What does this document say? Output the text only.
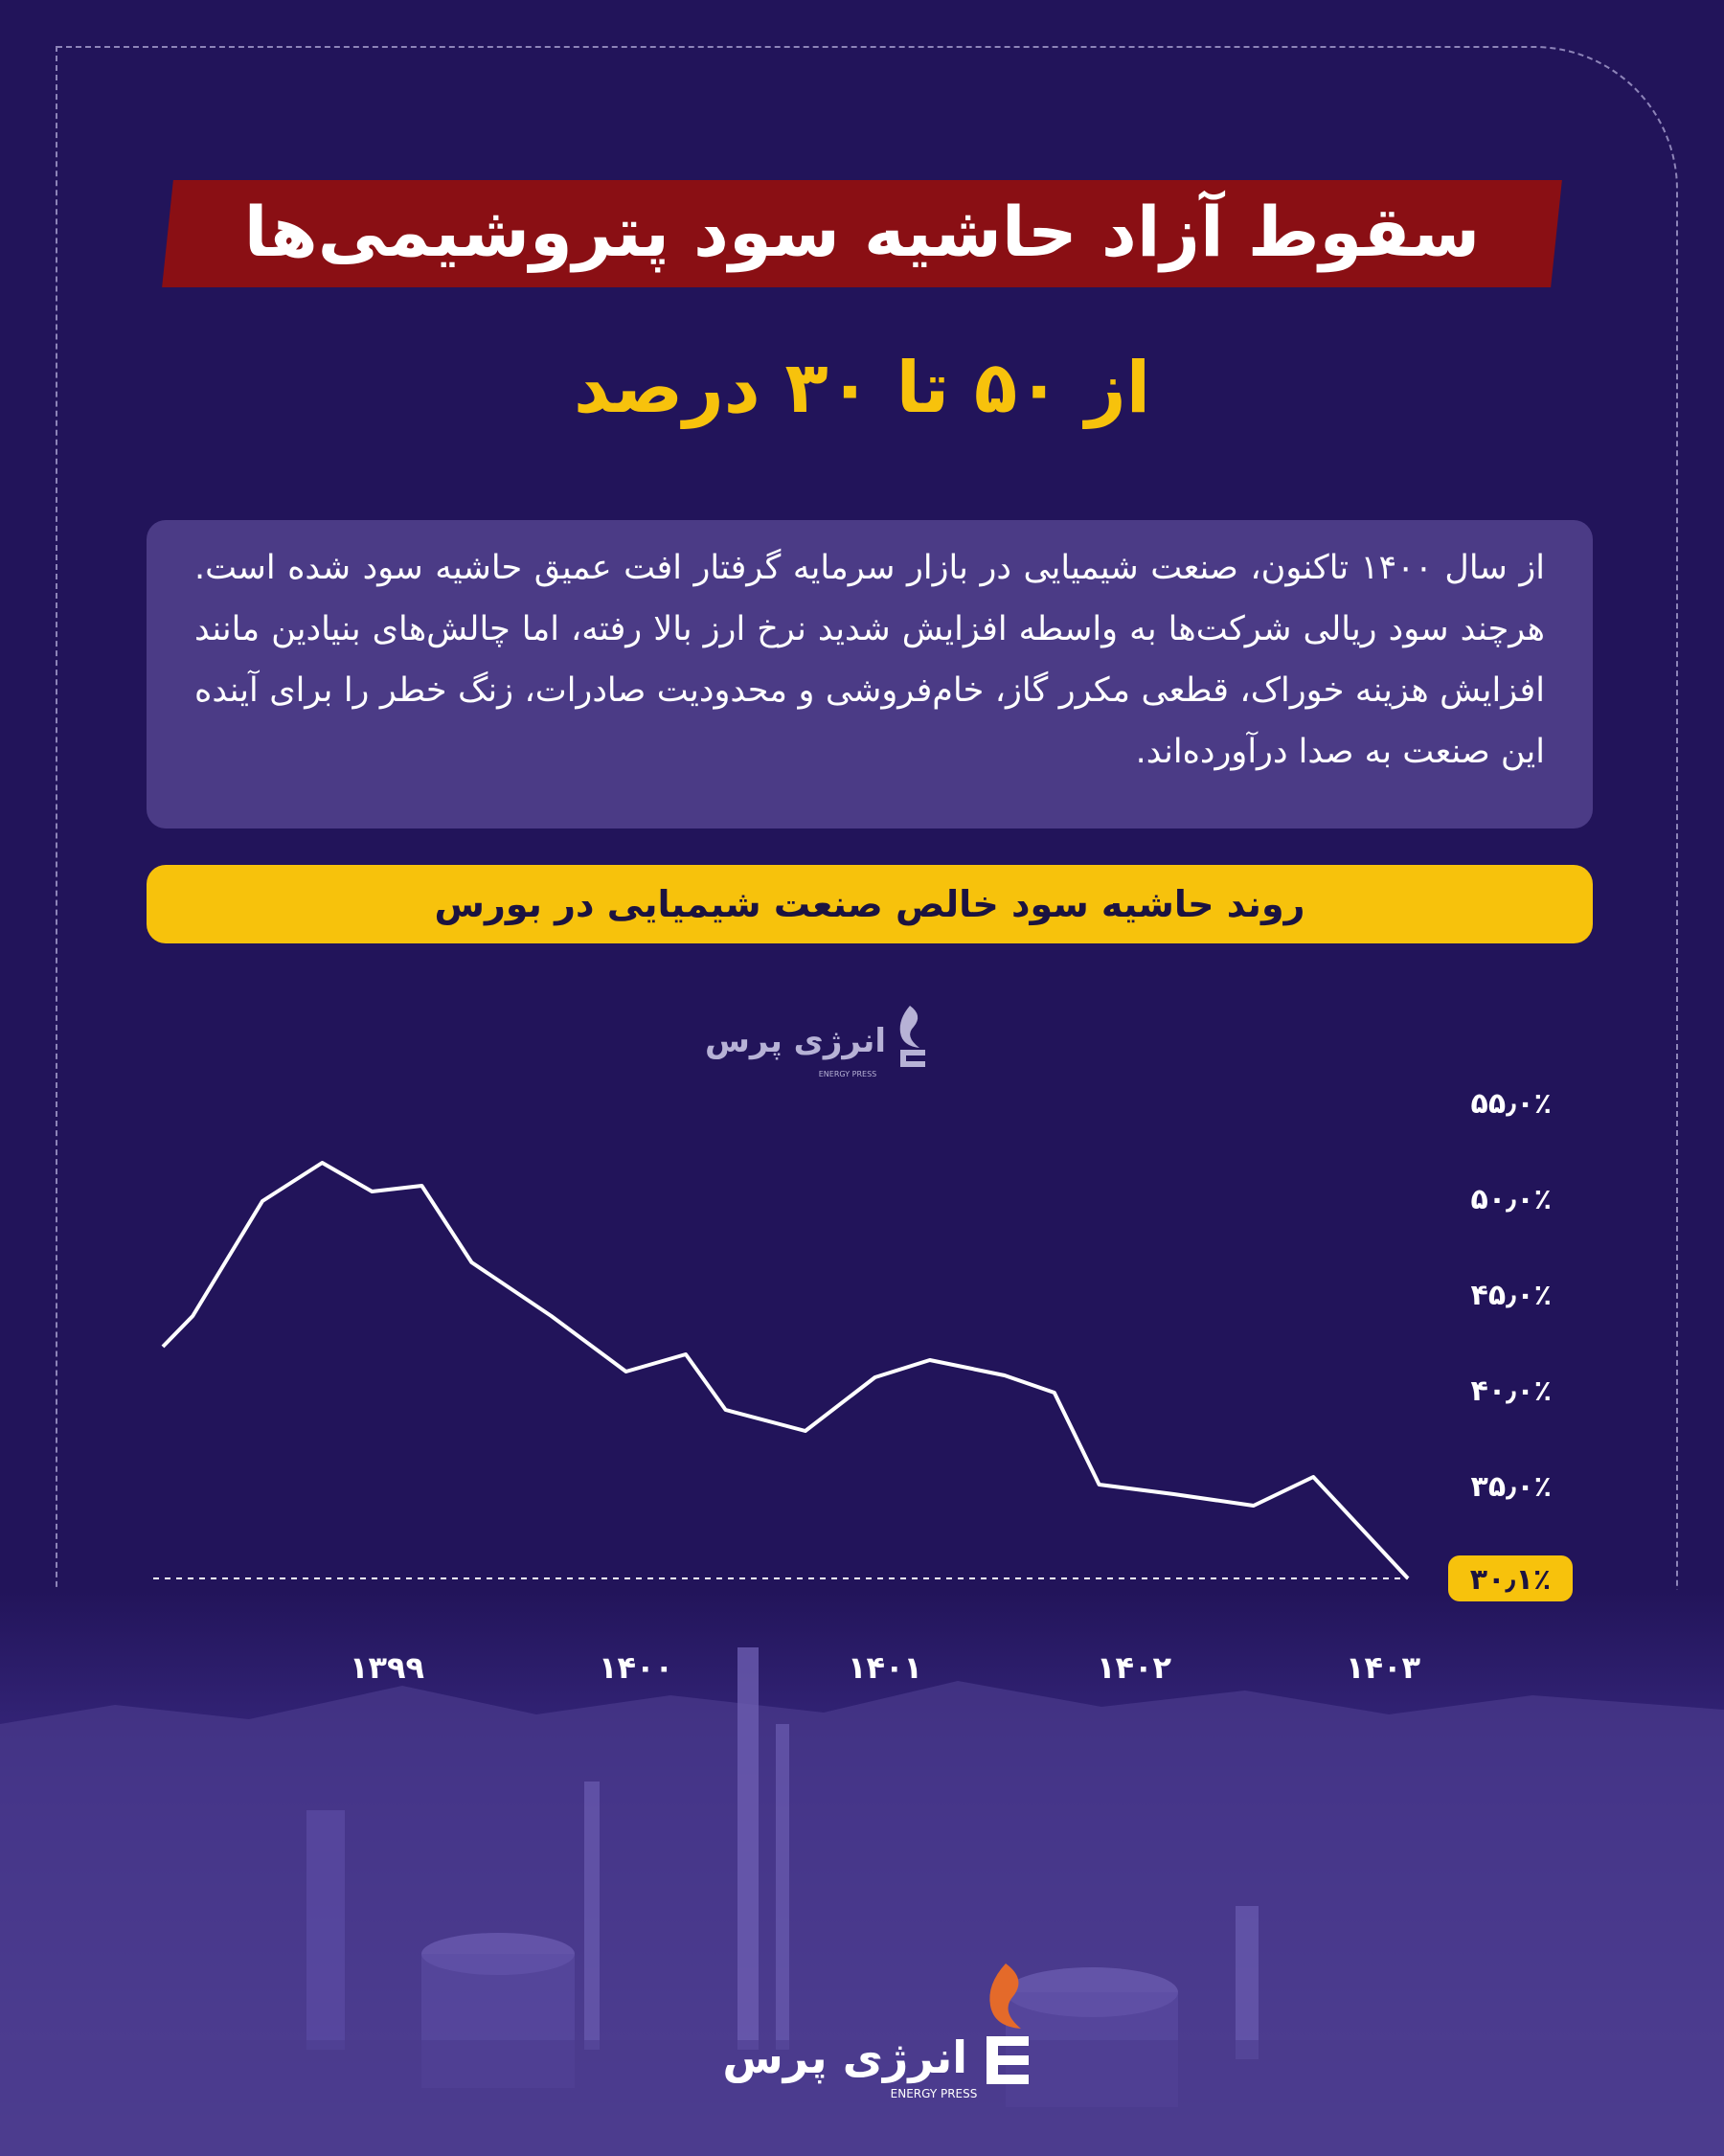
سقوط آزاد حاشیه سود پتروشیمی‌ها
از ۵۰ تا ۳۰ درصد
از سال ۱۴۰۰ تاکنون، صنعت شیمیایی در بازار سرمایه گرفتار افت عمیق حاشیه سود شده است. هرچند سود ریالی شرکت‌ها به واسطه افزایش شدید نرخ ارز بالا رفته، اما چالش‌های بنیادین مانند افزایش هزینه خوراک، قطعی مکرر گاز، خام‌فروشی و محدودیت صادرات، زنگ خطر را برای آینده این صنعت به صدا درآورده‌اند.
روند حاشیه سود خالص صنعت شیمیایی در بورس
انرژی پرس
ENERGY PRESS
۳۵٫۰٪
۴۰٫۰٪
۴۵٫۰٪
۵۰٫۰٪
۵۵٫۰٪
۱۳۹۹	۱۴۰۰	۱۴۰۱	۱۴۰۲	۱۴۰۳
۳۰٫۱٪
انرژی پرس
ENERGY PRESS
